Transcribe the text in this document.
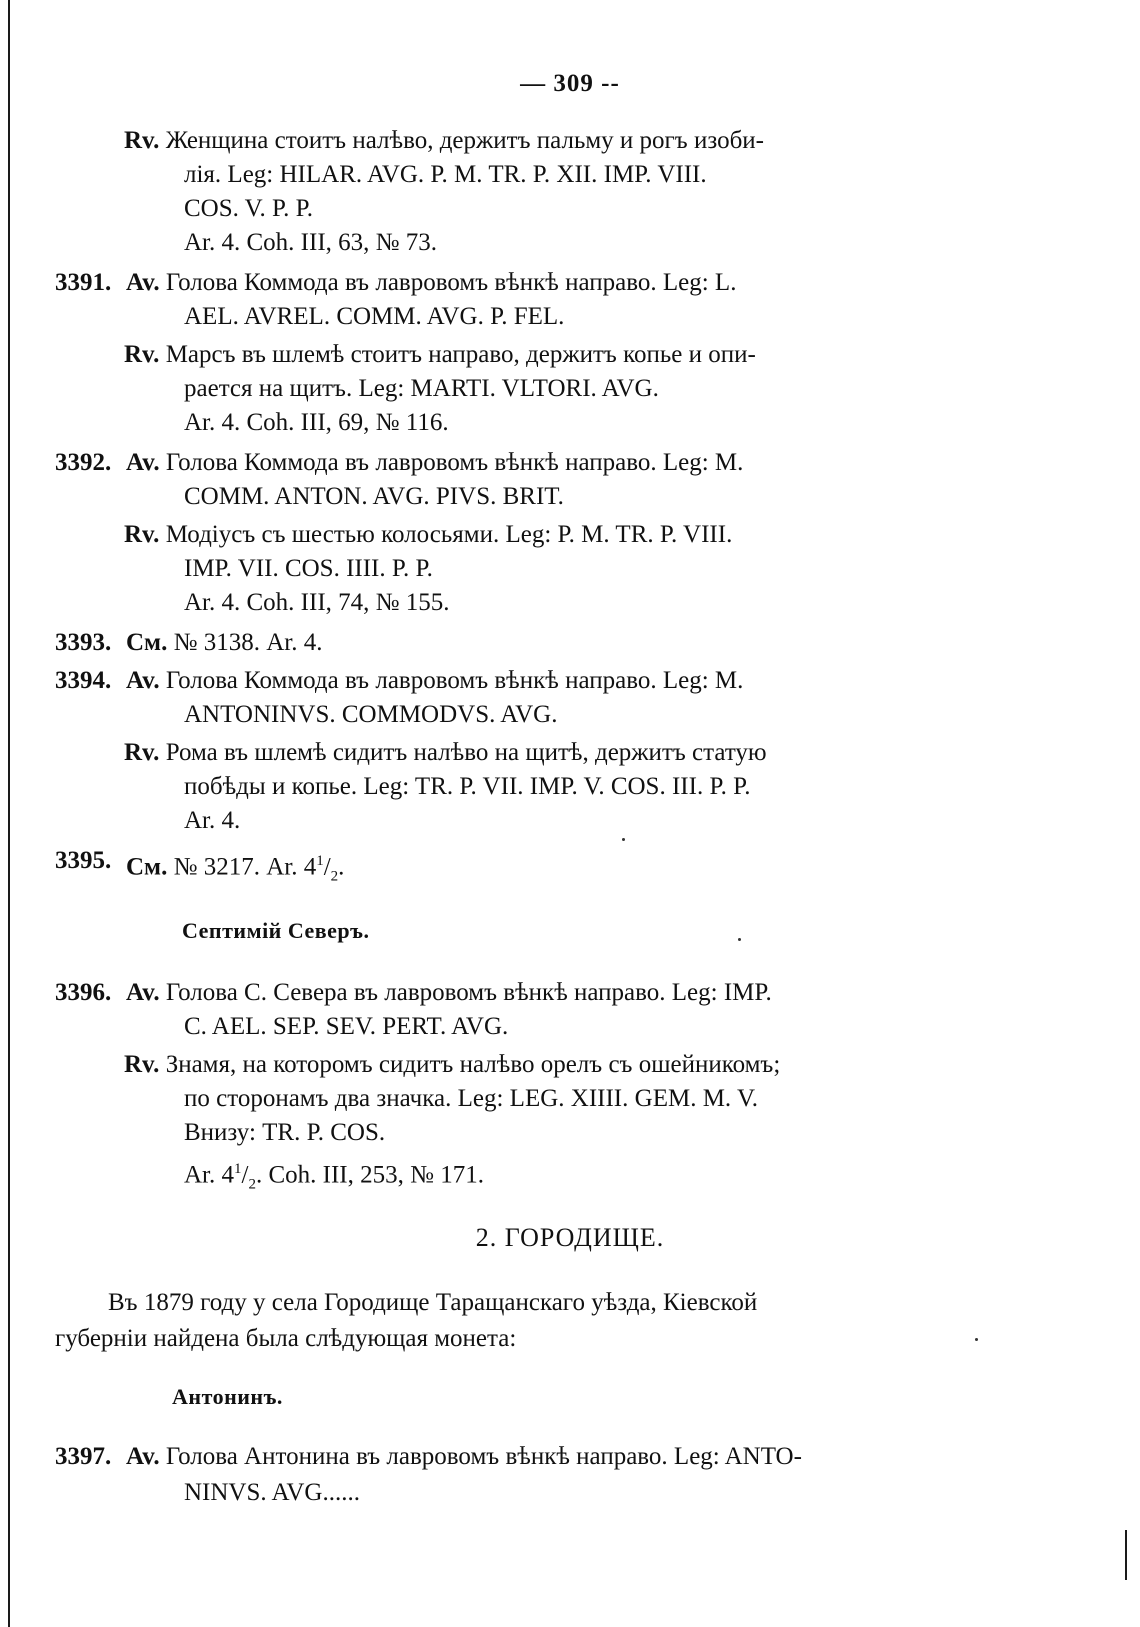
— 309 --
Rv. Женщина стоитъ налѣво, держитъ пальму и рогъ изоби-
лія. Leg: HILAR. AVG. P. M. TR. P. XII. IMP. VIII.
COS. V. P. P.
Ar. 4. Coh. III, 63, № 73.
3391. Av. Голова Коммода въ лавровомъ вѣнкѣ направо. Leg: L.
AEL. AVREL. COMM. AVG. P. FEL.
Rv. Марсъ въ шлемѣ стоитъ направо, держитъ копье и опи-
рается на щитъ. Leg: MARTI. VLTORI. AVG.
Ar. 4. Coh. III, 69, № 116.
3392. Av. Голова Коммода въ лавровомъ вѣнкѣ направо. Leg: M.
COMM. ANTON. AVG. PIVS. BRIT.
Rv. Модіусъ съ шестью колосьями. Leg: P. M. TR. P. VIII.
IMP. VII. COS. IIII. P. P.
Ar. 4. Coh. III, 74, № 155.
3393. См. № 3138. Ar. 4.
3394. Av. Голова Коммода въ лавровомъ вѣнкѣ направо. Leg: M.
ANTONINVS. COMMODVS. AVG.
Rv. Рома въ шлемѣ сидитъ налѣво на щитѣ, держитъ статую
побѣды и копье. Leg: TR. P. VII. IMP. V. COS. III. P. P.
Ar. 4.
3395. См. № 3217. Ar. $4^1/_2$.
Септимій Северъ.
3396. Av. Голова С. Севера въ лавровомъ вѣнкѣ направо. Leg: IMP.
C. AEL. SEP. SEV. PERT. AVG.
Rv. Знамя, на которомъ сидитъ налѣво орелъ съ ошейникомъ;
по сторонамъ два значка. Leg: LEG. XIIII. GEM. M. V.
Внизу: TR. P. COS.
Ar. $4^1/_2$. Coh. III, 253, № 171.
2. ГОРОДИЩЕ.
Въ 1879 году у села Городище Таращанскаго уѣзда, Кіевской
губерніи найдена была слѣдующая монета:
Антонинъ.
3397. Av. Голова Антонина въ лавровомъ вѣнкѣ направо. Leg: ANTO-
NINVS. AVG......
